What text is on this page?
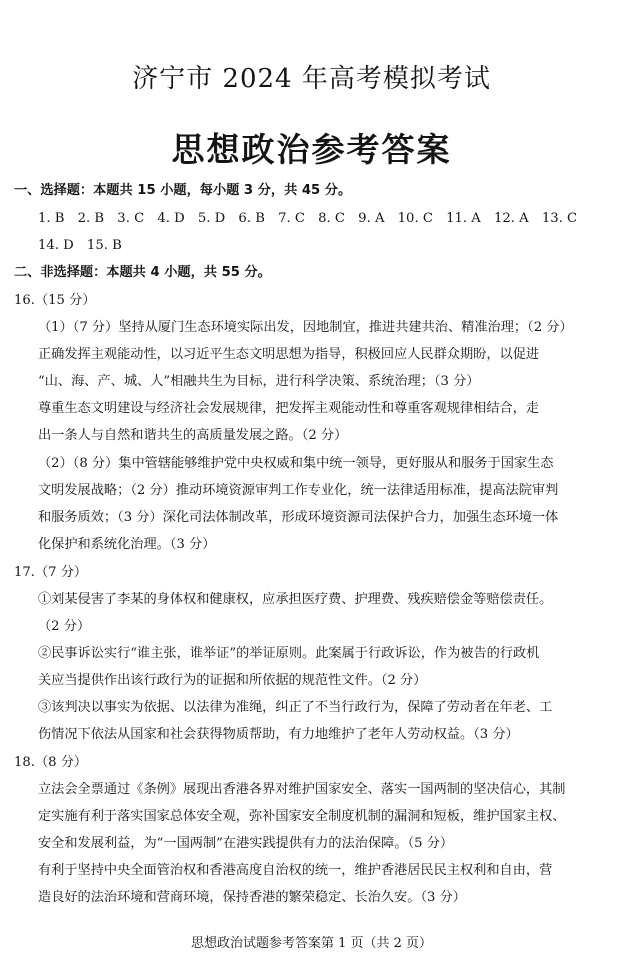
济宁市 2024 年高考模拟考试
思想政治参考答案
一、选择题：本题共 15 小题，每小题 3 分，共 45 分。
1. B　2. B　3. C　4. D　5. D　6. B　7. C　8. C　9. A　10. C　11. A　12. A　13. C
14. D　15. B
二、非选择题：本题共 4 小题，共 55 分。
16.（15 分）
（1）（7 分）坚持从厦门生态环境实际出发，因地制宜，推进共建共治、精准治理；（2 分）
正确发挥主观能动性，以习近平生态文明思想为指导，积极回应人民群众期盼，以促进
“山、海、产、城、人”相融共生为目标，进行科学决策、系统治理；（3 分）
尊重生态文明建设与经济社会发展规律，把发挥主观能动性和尊重客观规律相结合，走
出一条人与自然和谐共生的高质量发展之路。（2 分）
（2）（8 分）集中管辖能够维护党中央权威和集中统一领导，更好服从和服务于国家生态
文明发展战略；（2 分）推动环境资源审判工作专业化，统一法律适用标准，提高法院审判
和服务质效；（3 分）深化司法体制改革，形成环境资源司法保护合力，加强生态环境一体
化保护和系统化治理。（3 分）
17.（7 分）
①刘某侵害了李某的身体权和健康权，应承担医疗费、护理费、残疾赔偿金等赔偿责任。
（2 分）
②民事诉讼实行“谁主张，谁举证”的举证原则。此案属于行政诉讼，作为被告的行政机
关应当提供作出该行政行为的证据和所依据的规范性文件。（2 分）
③该判决以事实为依据、以法律为准绳，纠正了不当行政行为，保障了劳动者在年老、工
伤情况下依法从国家和社会获得物质帮助，有力地维护了老年人劳动权益。（3 分）
18.（8 分）
立法会全票通过《条例》展现出香港各界对维护国家安全、落实一国两制的坚决信心，其制
定实施有利于落实国家总体安全观，弥补国家安全制度机制的漏洞和短板，维护国家主权、
安全和发展利益，为“一国两制”在港实践提供有力的法治保障。（5 分）
有利于坚持中央全面管治权和香港高度自治权的统一，维护香港居民民主权利和自由，营
造良好的法治环境和营商环境，保持香港的繁荣稳定、长治久安。（3 分）
思想政治试题参考答案第 1 页（共 2 页）
